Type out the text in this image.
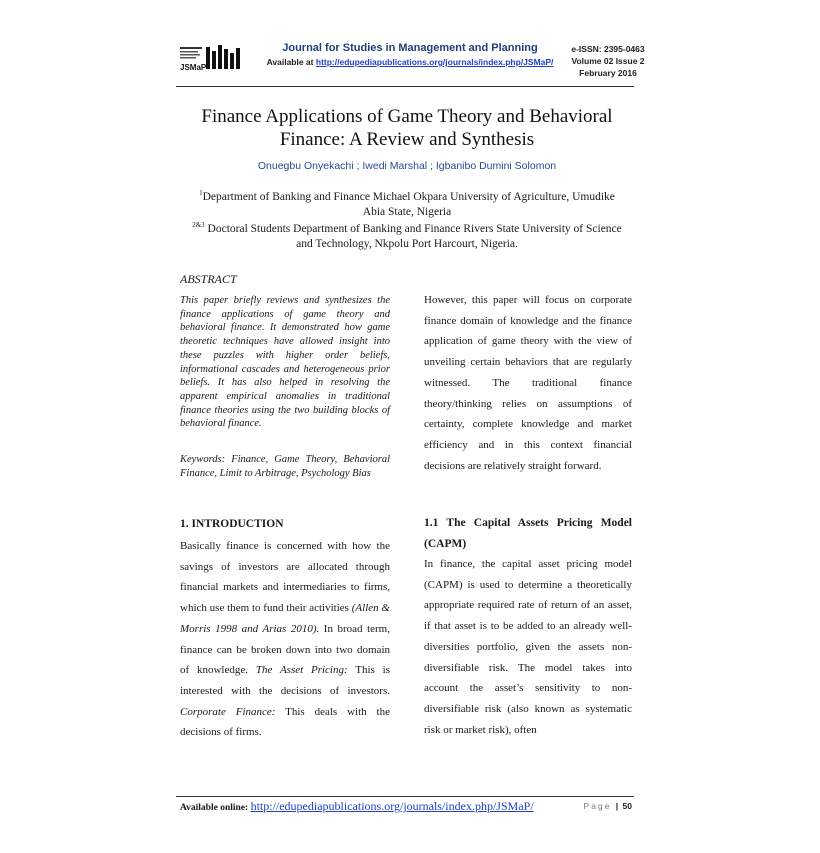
JSMaP
Journal for Studies in Management and Planning
Available at http://edupediapublications.org/journals/index.php/JSMaP/
e-ISSN: 2395-0463
Volume 02 Issue 2
February 2016
Finance Applications of Game Theory and Behavioral
Finance: A Review and Synthesis
Onuegbu Onyekachi ; Iwedi Marshal ; Igbanibo Dumini Solomon
$^1$Department of Banking and Finance Michael Okpara University of Agriculture, Umudike
Abia State, Nigeria
$^{2\&3}$ Doctoral Students Department of Banking and Finance Rivers State University of Science
and Technology, Nkpolu Port Harcourt, Nigeria.
ABSTRACT
This paper briefly reviews and synthesizes the finance applications of game theory and behavioral finance. It demonstrated how game theoretic techniques have allowed insight into these puzzles with higher order beliefs, informational cascades and heterogeneous prior beliefs. It has also helped in resolving the apparent empirical anomalies in traditional finance theories using the two building blocks of behavioral finance.
Keywords: Finance, Game Theory, Behavioral Finance, Limit to Arbitrage, Psychology Bias
1. INTRODUCTION
Basically finance is concerned with how the savings of investors are allocated through financial markets and intermediaries to firms, which use them to fund their activities (Allen & Morris 1998 and Arias 2010). In broad term, finance can be broken down into two domain of knowledge. The Asset Pricing: This is interested with the decisions of investors. Corporate Finance: This deals with the decisions of firms.
However, this paper will focus on corporate finance domain of knowledge and the finance application of game theory with the view of unveiling certain behaviors that are regularly witnessed. The traditional finance theory/thinking relies on assumptions of certainty, complete knowledge and market efficiency and in this context financial decisions are relatively straight forward.
1.1 The Capital Assets Pricing Model (CAPM)
In finance, the capital asset pricing model (CAPM) is used to determine a theoretically appropriate required rate of return of an asset, if that asset is to be added to an already well-diversities portfolio, given the assets non-diversifiable risk. The model takes into account the asset’s sensitivity to non-diversifiable risk (also known as systematic risk or market risk), often
Available online: http://edupediapublications.org/journals/index.php/JSMaP/	Page | 50
